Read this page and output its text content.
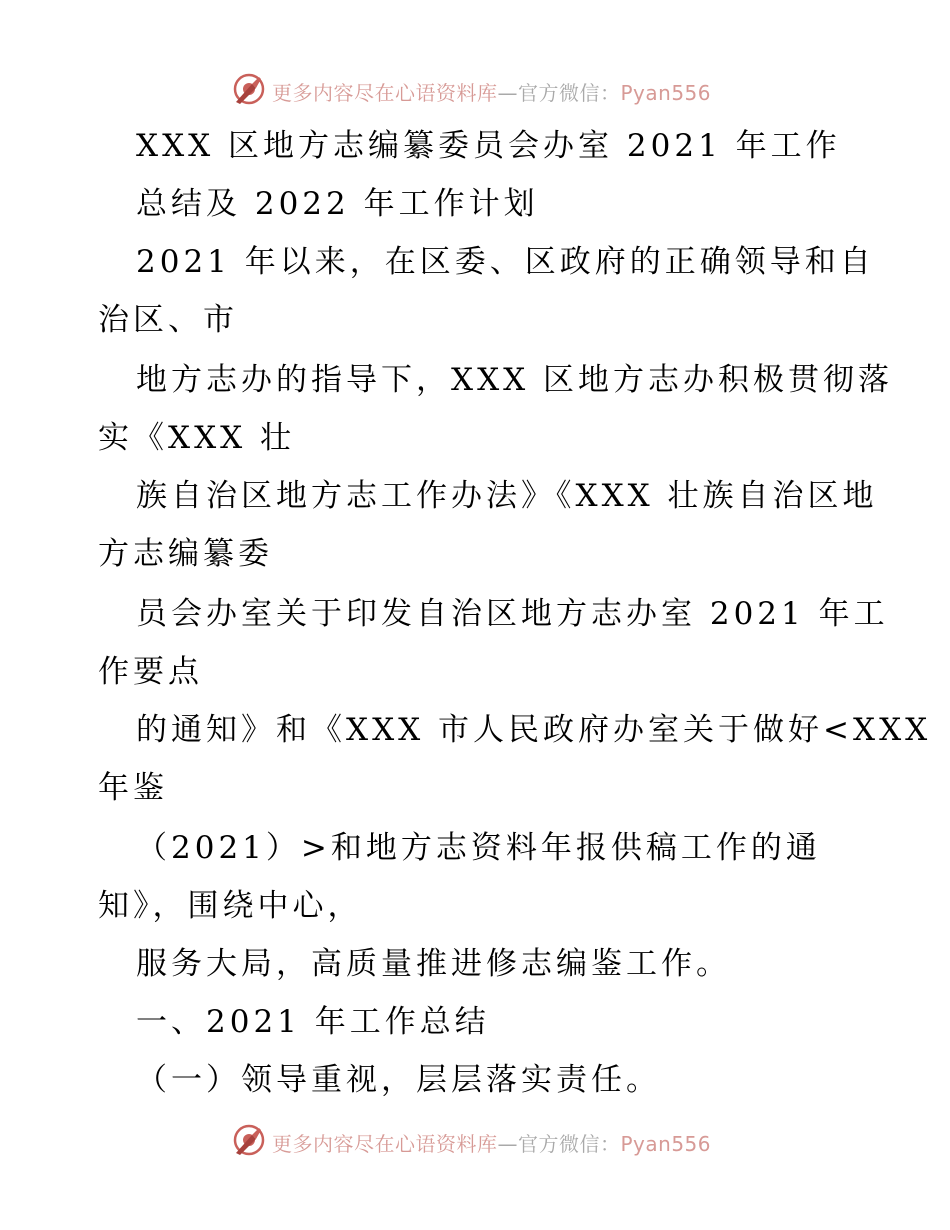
更多内容尽在心语资料库—官方微信：Pyan556
XXX 区地方志编纂委员会办室 2021 年工作
总结及 2022 年工作计划
2021 年以来，在区委、区政府的正确领导和自
治区、市
地方志办的指导下，XXX 区地方志办积极贯彻落
实《XXX 壮
族自治区地方志工作办法》《XXX 壮族自治区地
方志编纂委
员会办室关于印发自治区地方志办室 2021 年工
作要点
的通知》和《XXX 市人民政府办室关于做好<XXX
年鉴
（2021）>和地方志资料年报供稿工作的通
知》，围绕中心，
服务大局，高质量推进修志编鉴工作。
一、2021 年工作总结
（一）领导重视，层层落实责任。
更多内容尽在心语资料库—官方微信：Pyan556
